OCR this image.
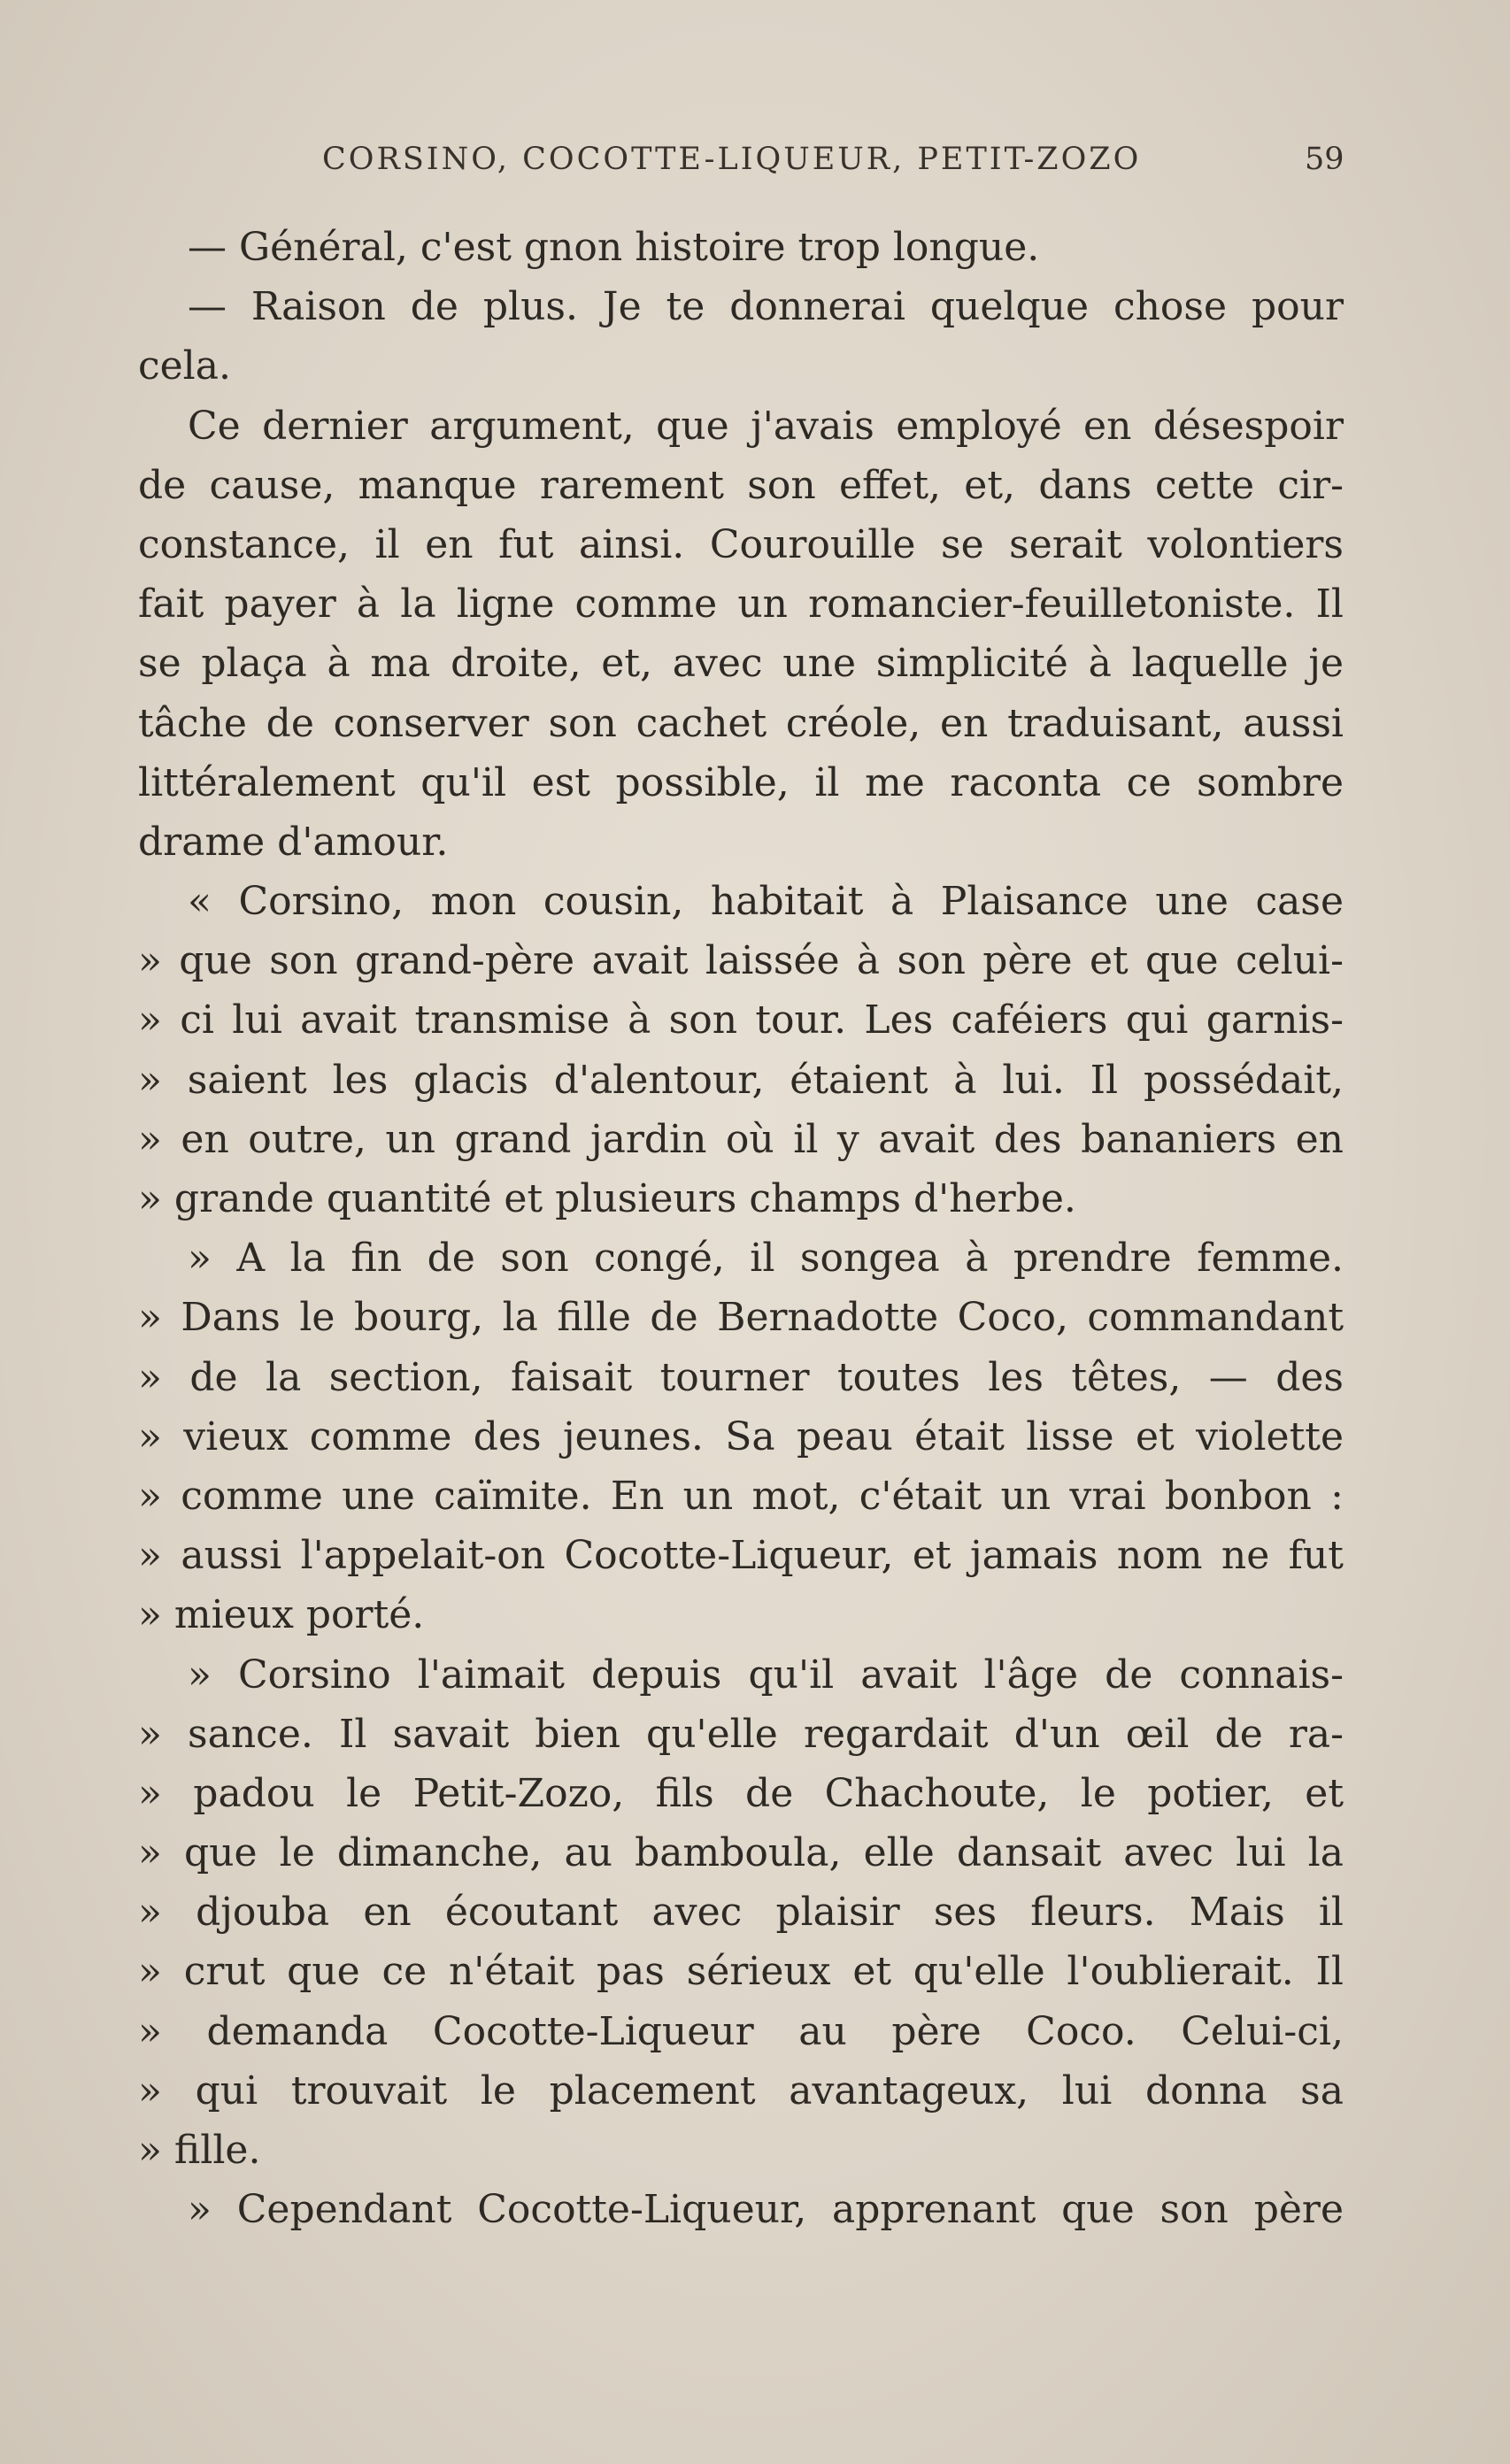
CORSINO, COCOTTE-LIQUEUR, PETIT-ZOZO	59
— Général, c'est gnon histoire trop longue.
— Raison de plus. Je te donnerai quelque chose pour
cela.
Ce dernier argument, que j'avais employé en désespoir
de cause, manque rarement son effet, et, dans cette cir-
constance, il en fut ainsi. Courouille se serait volontiers
fait payer à la ligne comme un romancier-feuilletoniste. Il
se plaça à ma droite, et, avec une simplicité à laquelle je
tâche de conserver son cachet créole, en traduisant, aussi
littéralement qu'il est possible, il me raconta ce sombre
drame d'amour.
« Corsino, mon cousin, habitait à Plaisance une case
» que son grand-père avait laissée à son père et que celui-
» ci lui avait transmise à son tour. Les caféiers qui garnis-
» saient les glacis d'alentour, étaient à lui. Il possédait,
» en outre, un grand jardin où il y avait des bananiers en
» grande quantité et plusieurs champs d'herbe.
» A la fin de son congé, il songea à prendre femme.
» Dans le bourg, la fille de Bernadotte Coco, commandant
» de la section, faisait tourner toutes les têtes, — des
» vieux comme des jeunes. Sa peau était lisse et violette
» comme une caïmite. En un mot, c'était un vrai bonbon :
» aussi l'appelait-on Cocotte-Liqueur, et jamais nom ne fut
» mieux porté.
» Corsino l'aimait depuis qu'il avait l'âge de connais-
» sance. Il savait bien qu'elle regardait d'un œil de ra-
» padou le Petit-Zozo, fils de Chachoute, le potier, et
» que le dimanche, au bamboula, elle dansait avec lui la
» djouba en écoutant avec plaisir ses fleurs. Mais il
» crut que ce n'était pas sérieux et qu'elle l'oublierait. Il
» demanda Cocotte-Liqueur au père Coco. Celui-ci,
» qui trouvait le placement avantageux, lui donna sa
» fille.
» Cependant Cocotte-Liqueur, apprenant que son père
